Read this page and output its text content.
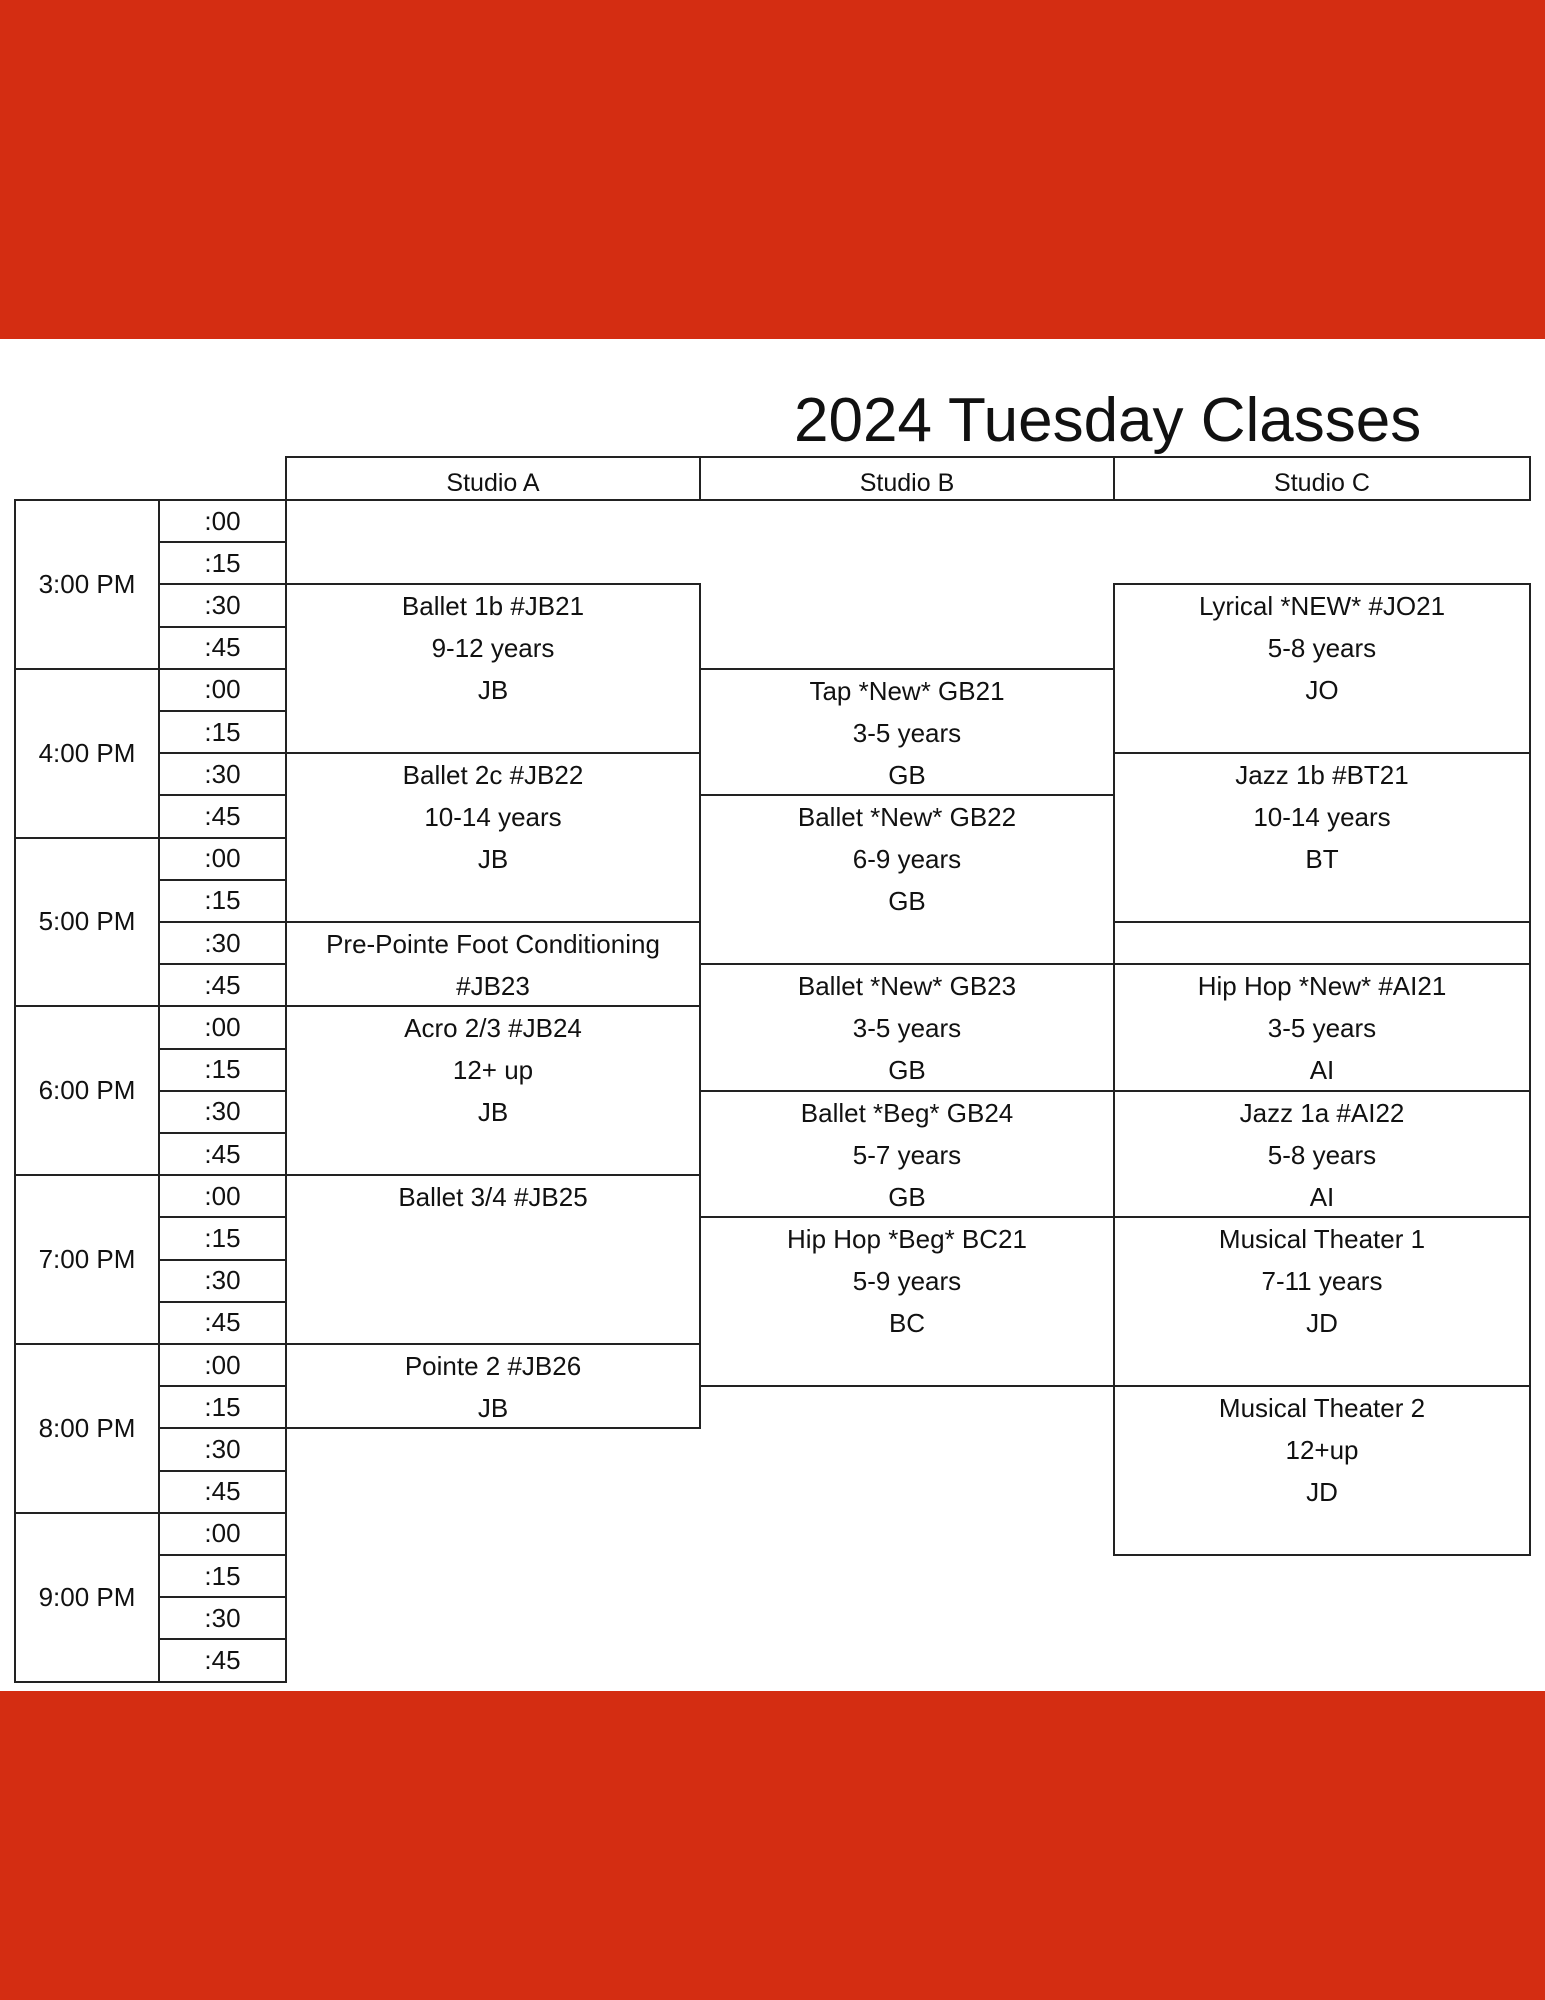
2024 Tuesday Classes
Studio A	Studio B	Studio C
3:00 PM
:00
:15
:30
:45
4:00 PM
:00
:15
:30
:45
5:00 PM
:00
:15
:30
:45
6:00 PM
:00
:15
:30
:45
7:00 PM
:00
:15
:30
:45
8:00 PM
:00
:15
:30
:45
9:00 PM
:00
:15
:30
:45
Ballet 1b #JB21
9-12 years
JB
Ballet 2c #JB22
10-14 years
JB
Pre-Pointe Foot Conditioning
#JB23
Acro 2/3 #JB24
12+ up
JB
Ballet 3/4 #JB25
Pointe 2 #JB26
JB
Tap *New* GB21
3-5 years
GB
Ballet *New* GB22
6-9 years
GB
Ballet *New* GB23
3-5 years
GB
Ballet *Beg* GB24
5-7 years
GB
Hip Hop *Beg* BC21
5-9 years
BC
Lyrical *NEW* #JO21
5-8 years
JO
Jazz 1b #BT21
10-14 years
BT
Hip Hop *New* #AI21
3-5 years
AI
Jazz 1a #AI22
5-8 years
AI
Musical Theater 1
7-11 years
JD
Musical Theater 2
12+up
JD
